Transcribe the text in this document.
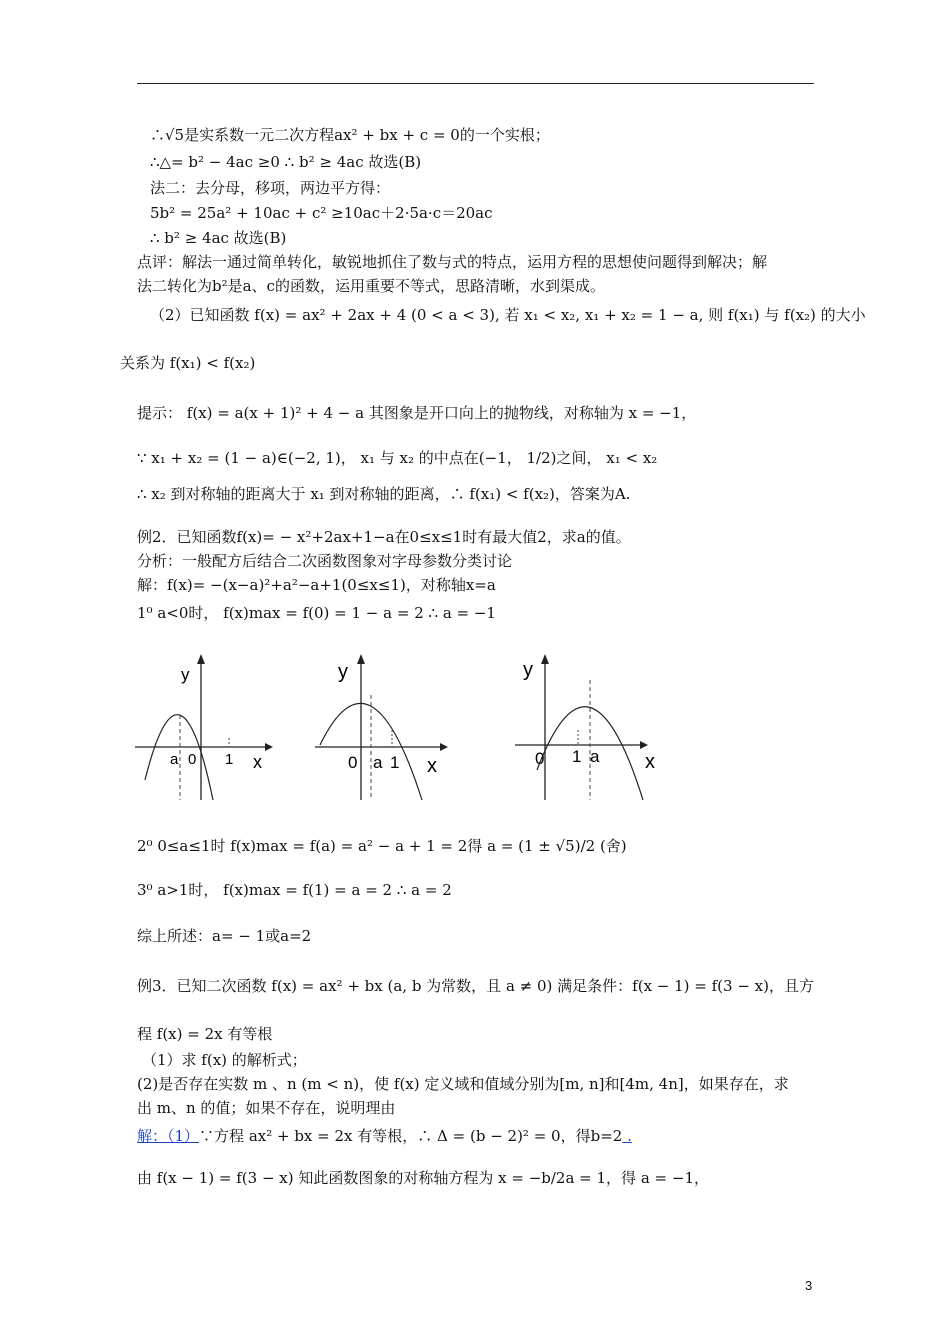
∴√5是实系数一元二次方程ax² + bx + c = 0的一个实根；
∴△= b² − 4ac ≥0 ∴ b² ≥ 4ac 故选(B)
法二：去分母，移项，两边平方得：
5b² = 25a² + 10ac + c² ≥10ac＋2·5a·c＝20ac
∴ b² ≥ 4ac 故选(B)
点评：解法一通过简单转化，敏锐地抓住了数与式的特点，运用方程的思想使问题得到解决；解
法二转化为b²是a、c的函数，运用重要不等式，思路清晰，水到渠成。
（2）已知函数 f(x) = ax² + 2ax + 4 (0 < a < 3), 若 x₁ < x₂, x₁ + x₂ = 1 − a, 则 f(x₁) 与 f(x₂) 的大小
关系为 f(x₁) < f(x₂)
提示： f(x) = a(x + 1)² + 4 − a 其图象是开口向上的抛物线，对称轴为 x = −1，
∵ x₁ + x₂ = (1 − a)∈(−2, 1)， x₁ 与 x₂ 的中点在(−1， 1/2)之间， x₁ < x₂
∴ x₂ 到对称轴的距离大于 x₁ 到对称轴的距离，∴ f(x₁) < f(x₂)，答案为A.
例2．已知函数f(x)= − x²+2ax+1−a在0≤x≤1时有最大值2，求a的值。
分析：一般配方后结合二次函数图象对字母参数分类讨论
解：f(x)= −(x−a)²+a²−a+1(0≤x≤1)，对称轴x=a
1⁰ a<0时， f(x)max = f(0) = 1 − a = 2 ∴ a = −1
y
x
a 0 1
y
x
0 a 1
y
x
0 1 a
2⁰ 0≤a≤1时 f(x)max = f(a) = a² − a + 1 = 2得 a = (1 ± √5)/2 (舍)
3⁰ a>1时， f(x)max = f(1) = a = 2 ∴ a = 2
综上所述：a= − 1或a=2
例3．已知二次函数 f(x) = ax² + bx (a, b 为常数，且 a ≠ 0) 满足条件：f(x − 1) = f(3 − x)，且方
程 f(x) = 2x 有等根
（1）求 f(x) 的解析式；
(2)是否存在实数 m 、n (m < n)，使 f(x) 定义域和值域分别为[m, n]和[4m, 4n]，如果存在，求
出 m、n 的值；如果不存在，说明理由
解：（1）∵方程 ax² + bx = 2x 有等根，∴ Δ = (b − 2)² = 0，得b=2 .
由 f(x − 1) = f(3 − x) 知此函数图象的对称轴方程为 x = −b/2a = 1，得 a = −1，
3
